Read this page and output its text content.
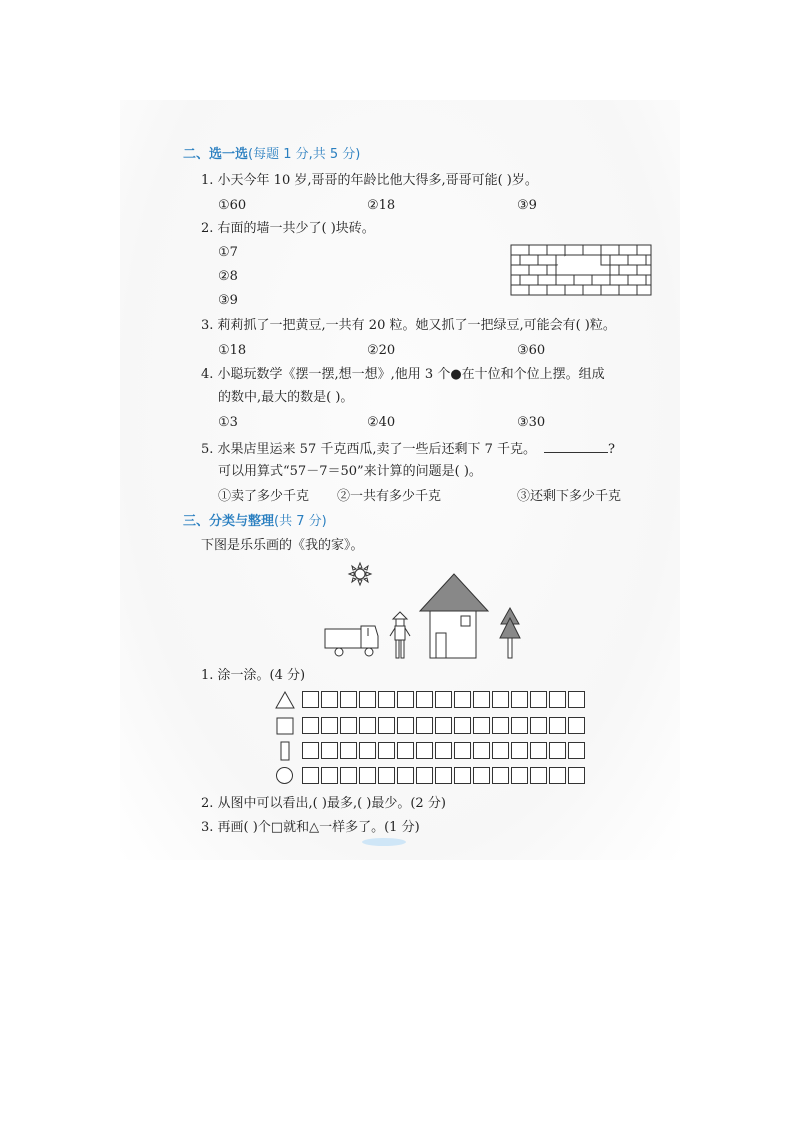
二、选一选(每题 1 分,共 5 分)
1. 小天今年 10 岁,哥哥的年龄比他大得多,哥哥可能( )岁。
①60	②18	③9
2. 右面的墙一共少了( )块砖。
①7
②8
③9
3. 莉莉抓了一把黄豆,一共有 20 粒。她又抓了一把绿豆,可能会有( )粒。
①18	②20	③60
4. 小聪玩数学《摆一摆,想一想》,他用 3 个●在十位和个位上摆。组成
的数中,最大的数是( )。
①3	②40	③30
5. 水果店里运来 57 千克西瓜,卖了一些后还剩下 7 千克。	?
可以用算式“57－7＝50”来计算的问题是( )。
①卖了多少千克 ②一共有多少千克	③还剩下多少千克
三、分类与整理(共 7 分)
下图是乐乐画的《我的家》。
1. 涂一涂。(4 分)
2. 从图中可以看出,( )最多,( )最少。(2 分)
3. 再画( )个□就和△一样多了。(1 分)
